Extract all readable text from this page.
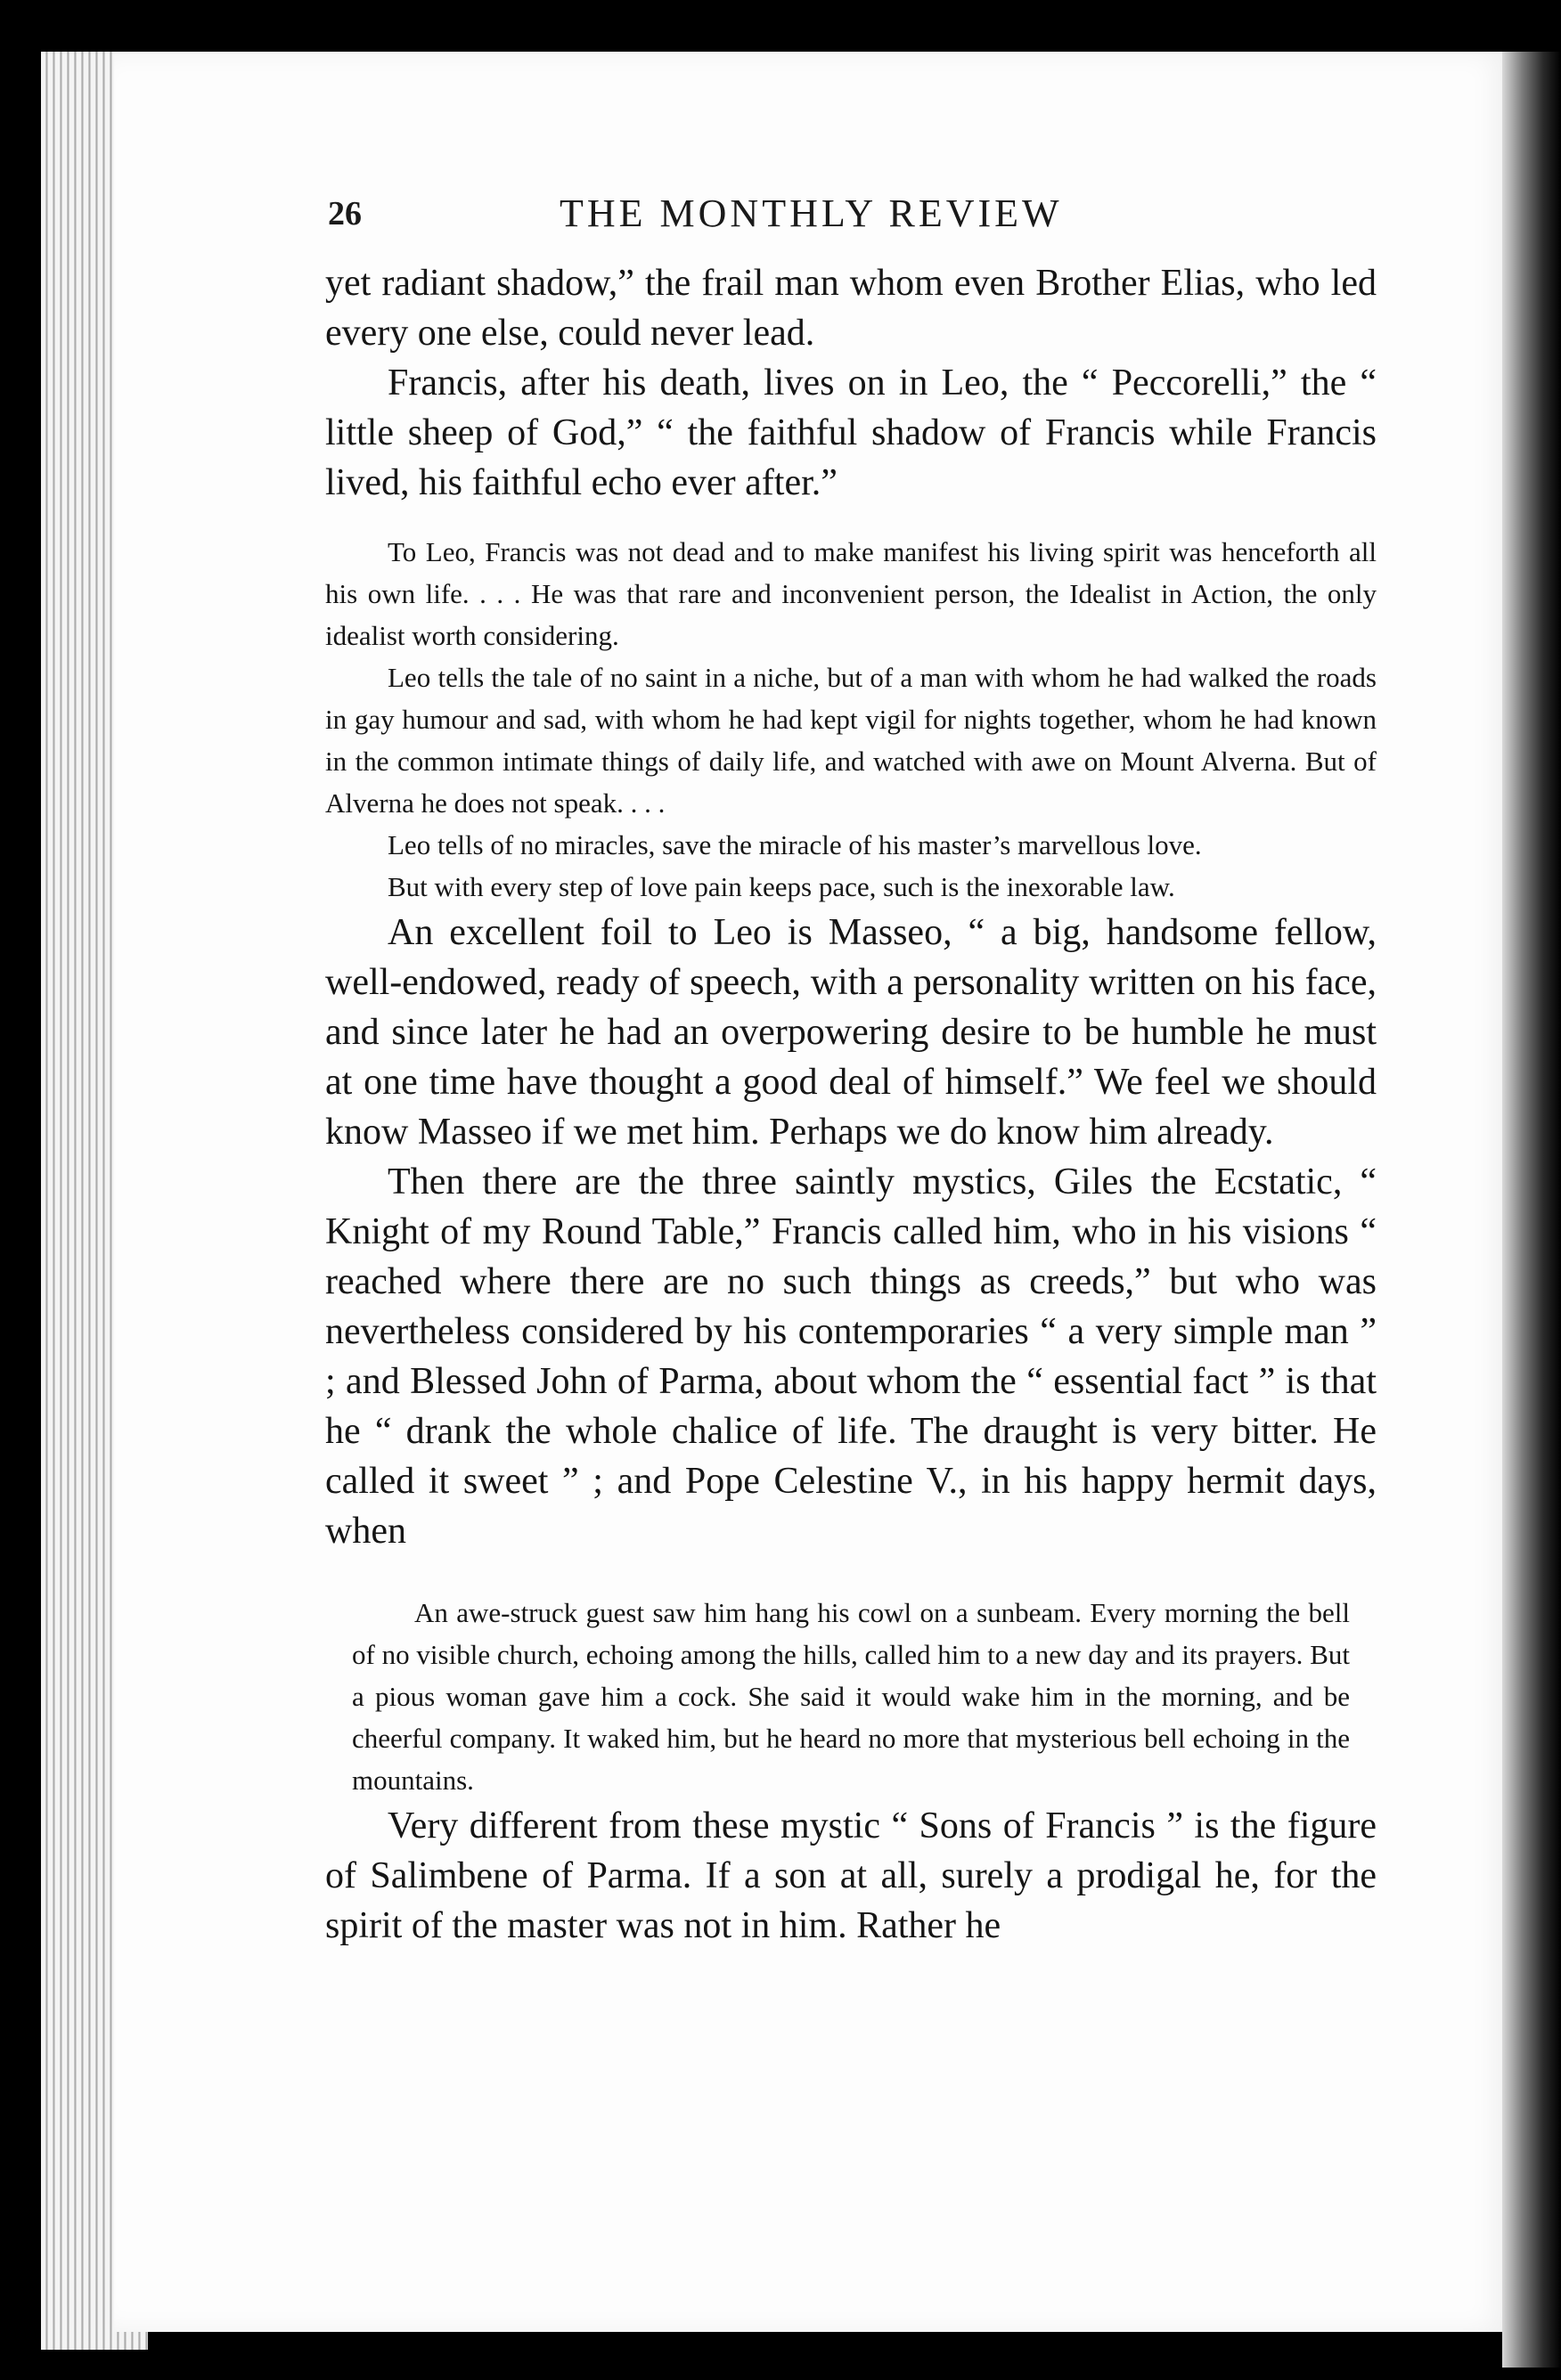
26	THE MONTHLY REVIEW

yet radiant shadow,” the frail man whom even Brother Elias, who led every one else, could never lead.

Francis, after his death, lives on in Leo, the “ Peccorelli,” the “ little sheep of God,” “ the faithful shadow of Francis while Francis lived, his faithful echo ever after.”

To Leo, Francis was not dead and to make manifest his living spirit was henceforth all his own life. . . . He was that rare and inconvenient person, the Idealist in Action, the only idealist worth considering.

Leo tells the tale of no saint in a niche, but of a man with whom he had walked the roads in gay humour and sad, with whom he had kept vigil for nights together, whom he had known in the common intimate things of daily life, and watched with awe on Mount Alverna. But of Alverna he does not speak. . . .

Leo tells of no miracles, save the miracle of his master’s marvellous love.

But with every step of love pain keeps pace, such is the inexorable law.

An excellent foil to Leo is Masseo, “ a big, handsome fellow, well-endowed, ready of speech, with a personality written on his face, and since later he had an overpowering desire to be humble he must at one time have thought a good deal of himself.” We feel we should know Masseo if we met him. Perhaps we do know him already.

Then there are the three saintly mystics, Giles the Ecstatic, “ Knight of my Round Table,” Francis called him, who in his visions “ reached where there are no such things as creeds,” but who was nevertheless considered by his contemporaries “ a very simple man ” ; and Blessed John of Parma, about whom the “ essential fact ” is that he “ drank the whole chalice of life. The draught is very bitter. He called it sweet ” ; and Pope Celestine V., in his happy hermit days, when

An awe-struck guest saw him hang his cowl on a sunbeam. Every morning the bell of no visible church, echoing among the hills, called him to a new day and its prayers. But a pious woman gave him a cock. She said it would wake him in the morning, and be cheerful company. It waked him, but he heard no more that mysterious bell echoing in the mountains.

Very different from these mystic “ Sons of Francis ” is the figure of Salimbene of Parma. If a son at all, surely a prodigal he, for the spirit of the master was not in him. Rather he
